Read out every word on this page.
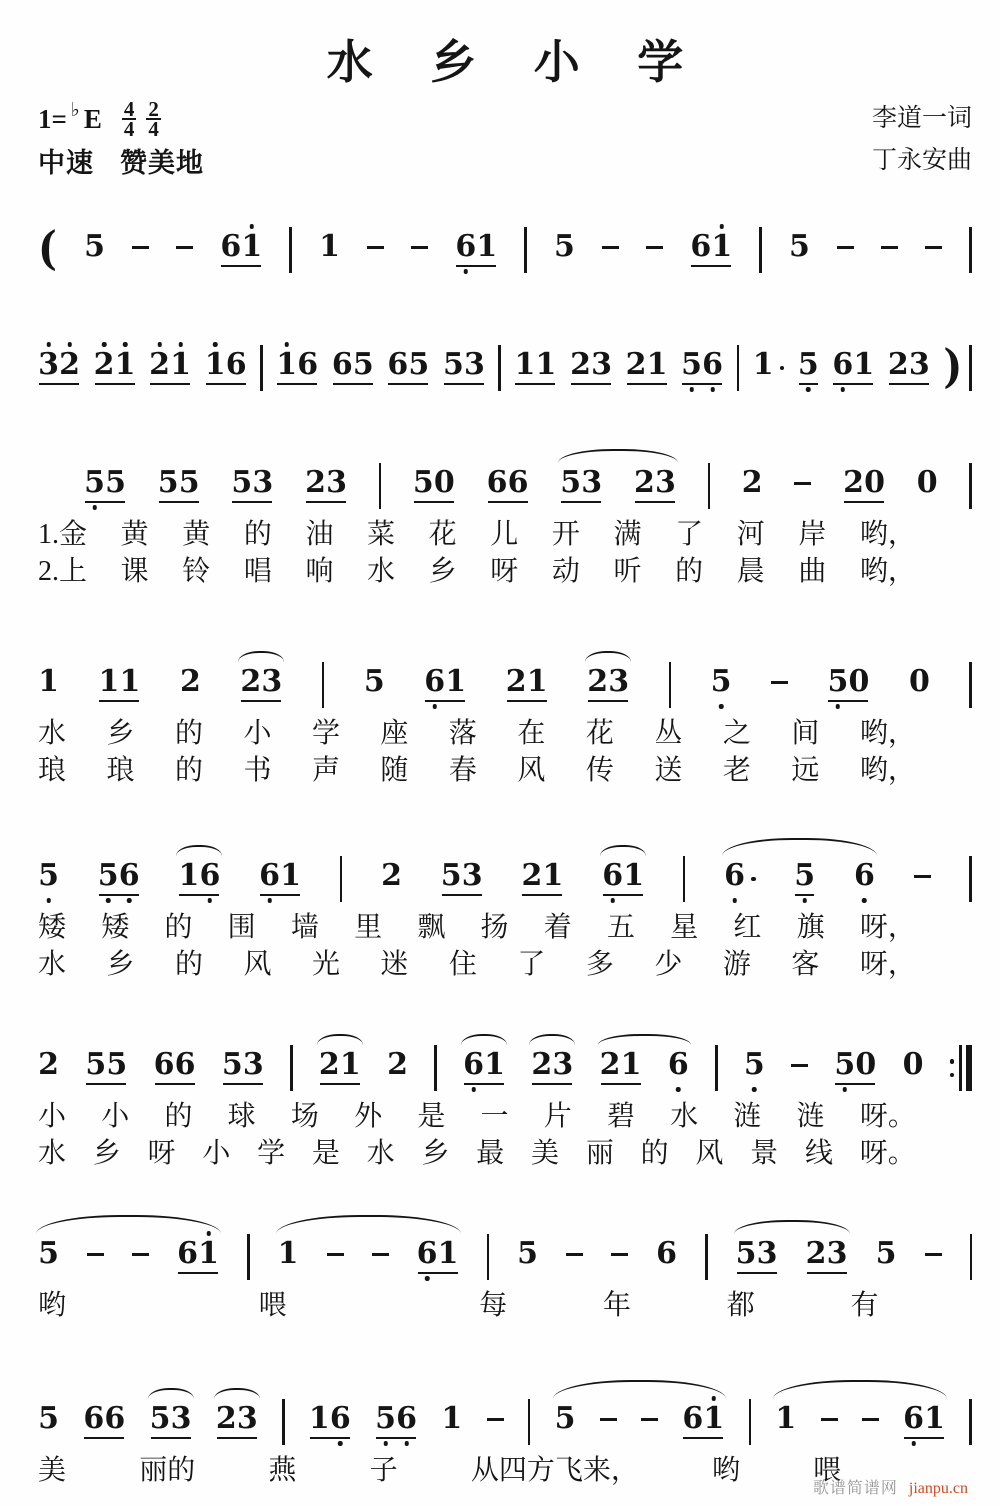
水乡小学
1= ♭ E $\frac{4}{4} \frac{2}{4}$	李道一词
中速 赞美地	丁永安曲
( 5	6 1 1	6 1 5	6 1 5
3 2 2 1 2 1 1 6 1 6 6 5 6 5 5 3 1 1 2 3 2 1 5 6 1 5 6 1 2 3 )
5 5 5 5 5 3 2 3 5 0 6 6 5 3 2 3 2	2 0 0
1.金 黄 黄 的 油 菜 花 儿 开 满 了 河 岸 哟，
2.上 课 铃 唱 响 水 乡 呀 动 听 的 晨 曲 哟，
1 1 1 2 2 3	5 6 1 2 1 2 3	5	5 0 0
水 乡 的 小 学 座 落 在 花 丛 之 间 哟，
琅 琅 的 书 声 随 春 风 传 送 老 远 哟，
5 5 6 1 6 6 1	2 5 3 2 1 6 1	6 5 6
矮 矮 的 围 墙 里 飘 扬 着 五 星 红 旗 呀，
水 乡 的 风 光 迷 住 了 多 少 游 客 呀，
2 5 5 6 6 5 3 2 1 2 6 1 2 3 2 1 6 5 5 0 0
小 小 的 球 场 外 是 一 片 碧 水 涟 涟 呀。
水 乡 呀 小 学 是 水 乡 最 美 丽 的 风 景 线 呀。
5	6 1 1	6 1 5	6 5 3 2 3 5
哟	喂	每	年	都	有
5 6 6 5 3 2 3 1 6 5 6 1	5	6 1 1	6 1
美	丽的	燕	子	从四方飞来，	哟	喂
歌谱简谱网 jianpu.cn
